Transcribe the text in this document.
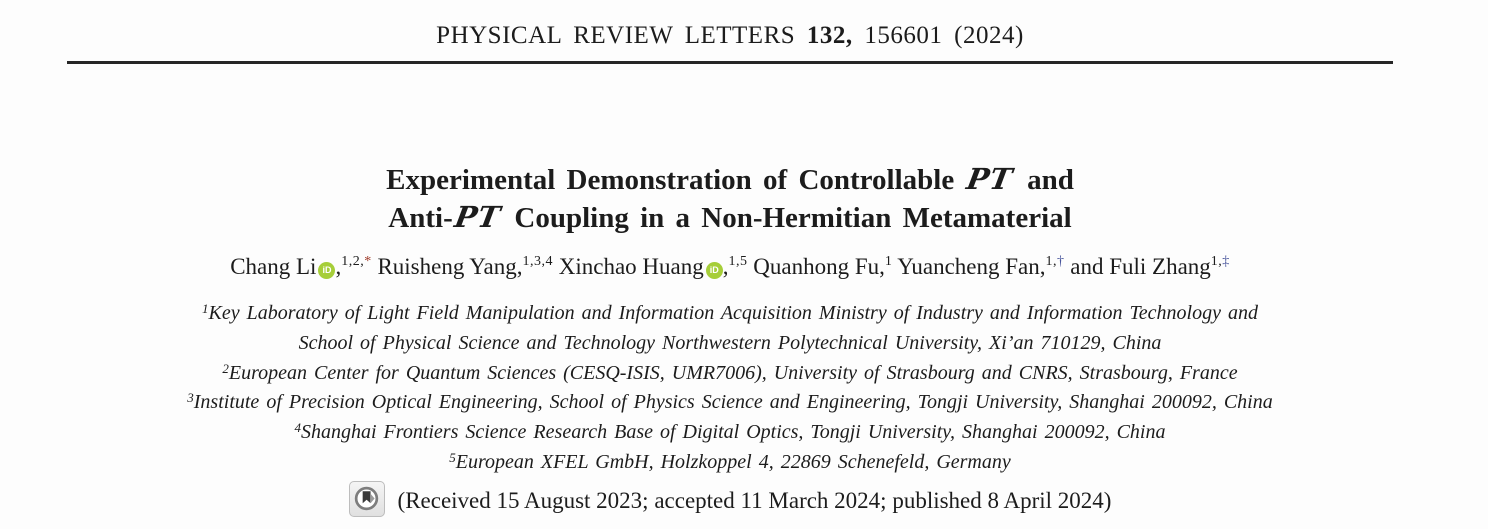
PHYSICAL REVIEW LETTERS 132, 156601 (2024)
Experimental Demonstration of Controllable PT and
Anti-PT Coupling in a Non-Hermitian Metamaterial
Chang Li iD ,$^{1,2,*}$ Ruisheng Yang,$^{1,3,4}$ Xinchao Huang iD ,$^{1,5}$ Quanhong Fu,$^1$ Yuancheng Fan,$^{1,\dagger}$ and Fuli Zhang$^{1,\ddagger}$
$^1$Key Laboratory of Light Field Manipulation and Information Acquisition Ministry of Industry and Information Technology and
School of Physical Science and Technology Northwestern Polytechnical University, Xi’an 710129, China
$^2$European Center for Quantum Sciences (CESQ-ISIS, UMR7006), University of Strasbourg and CNRS, Strasbourg, France
$^3$Institute of Precision Optical Engineering, School of Physics Science and Engineering, Tongji University, Shanghai 200092, China
$^4$Shanghai Frontiers Science Research Base of Digital Optics, Tongji University, Shanghai 200092, China
$^5$European XFEL GmbH, Holzkoppel 4, 22869 Schenefeld, Germany
(Received 15 August 2023; accepted 11 March 2024; published 8 April 2024)
